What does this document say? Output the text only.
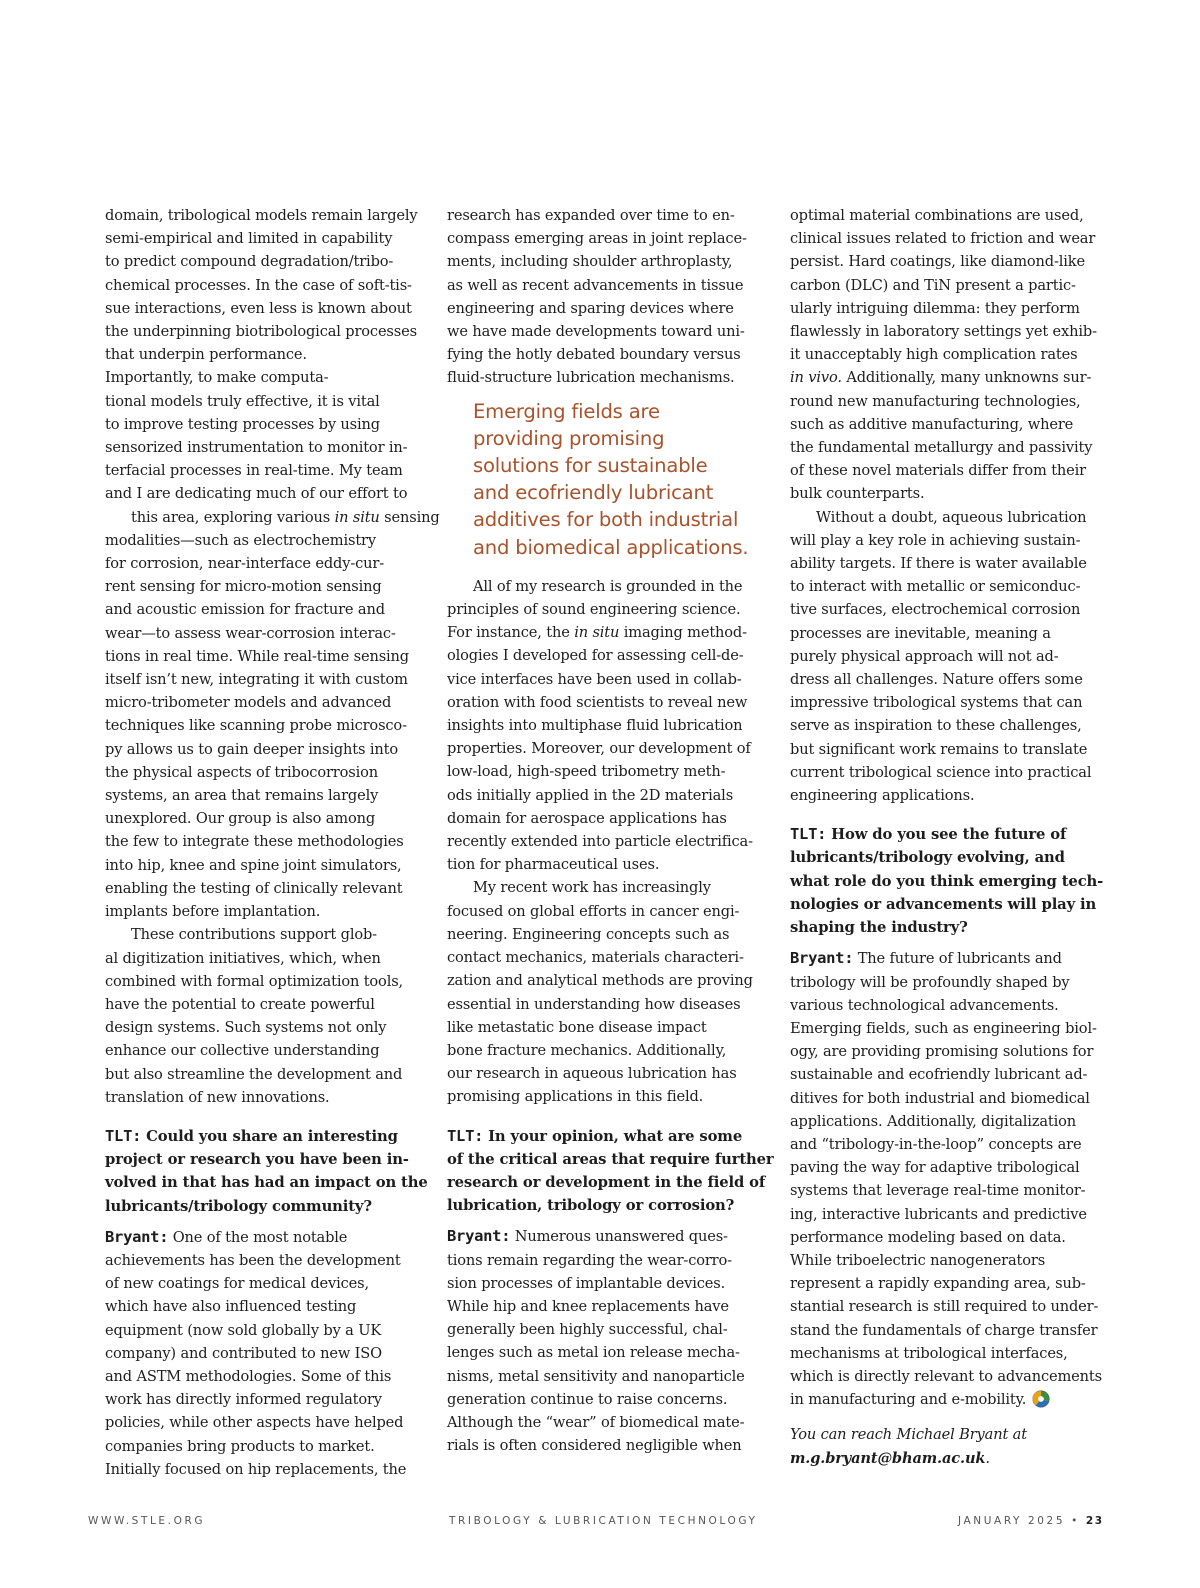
domain, tribological models remain largely
semi-empirical and limited in capability
to predict compound degradation/tribo-
chemical processes. In the case of soft-tis-
sue interactions, even less is known about
the underpinning biotribological processes
that underpin performance.

Importantly, to make computa-
tional models truly effective, it is vital
to improve testing processes by using
sensorized instrumentation to monitor in-
terfacial processes in real-time. My team
and I are dedicating much of our effort to
this area, exploring various in situ sensing
modalities—such as electrochemistry
for corrosion, near-interface eddy-cur-
rent sensing for micro-motion sensing
and acoustic emission for fracture and
wear—to assess wear-corrosion interac-
tions in real time. While real-time sensing
itself isn’t new, integrating it with custom
micro-tribometer models and advanced
techniques like scanning probe microsco-
py allows us to gain deeper insights into
the physical aspects of tribocorrosion
systems, an area that remains largely
unexplored. Our group is also among
the few to integrate these methodologies
into hip, knee and spine joint simulators,
enabling the testing of clinically relevant
implants before implantation.

These contributions support glob-
al digitization initiatives, which, when
combined with formal optimization tools,
have the potential to create powerful
design systems. Such systems not only
enhance our collective understanding
but also streamline the development and
translation of new innovations.

TLT: Could you share an interesting
project or research you have been in-
volved in that has had an impact on the
lubricants/tribology community?

Bryant: One of the most notable
achievements has been the development
of new coatings for medical devices,
which have also influenced testing
equipment (now sold globally by a UK
company) and contributed to new ISO
and ASTM methodologies. Some of this
work has directly informed regulatory
policies, while other aspects have helped
companies bring products to market.
Initially focused on hip replacements, the

research has expanded over time to en-
compass emerging areas in joint replace-
ments, including shoulder arthroplasty,
as well as recent advancements in tissue
engineering and sparing devices where
we have made developments toward uni-
fying the hotly debated boundary versus
fluid-structure lubrication mechanisms.

Emerging fields are
providing promising
solutions for sustainable
and ecofriendly lubricant
additives for both industrial
and biomedical applications.

All of my research is grounded in the
principles of sound engineering science.
For instance, the in situ imaging method-
ologies I developed for assessing cell-de-
vice interfaces have been used in collab-
oration with food scientists to reveal new
insights into multiphase fluid lubrication
properties. Moreover, our development of
low-load, high-speed tribometry meth-
ods initially applied in the 2D materials
domain for aerospace applications has
recently extended into particle electrifica-
tion for pharmaceutical uses.

My recent work has increasingly
focused on global efforts in cancer engi-
neering. Engineering concepts such as
contact mechanics, materials characteri-
zation and analytical methods are proving
essential in understanding how diseases
like metastatic bone disease impact
bone fracture mechanics. Additionally,
our research in aqueous lubrication has
promising applications in this field.

TLT: In your opinion, what are some
of the critical areas that require further
research or development in the field of
lubrication, tribology or corrosion?

Bryant: Numerous unanswered ques-
tions remain regarding the wear-corro-
sion processes of implantable devices.
While hip and knee replacements have
generally been highly successful, chal-
lenges such as metal ion release mecha-
nisms, metal sensitivity and nanoparticle
generation continue to raise concerns.
Although the “wear” of biomedical mate-
rials is often considered negligible when

optimal material combinations are used,
clinical issues related to friction and wear
persist. Hard coatings, like diamond-like
carbon (DLC) and TiN present a partic-
ularly intriguing dilemma: they perform
flawlessly in laboratory settings yet exhib-
it unacceptably high complication rates
in vivo. Additionally, many unknowns sur-
round new manufacturing technologies,
such as additive manufacturing, where
the fundamental metallurgy and passivity
of these novel materials differ from their
bulk counterparts.

Without a doubt, aqueous lubrication
will play a key role in achieving sustain-
ability targets. If there is water available
to interact with metallic or semiconduc-
tive surfaces, electrochemical corrosion
processes are inevitable, meaning a
purely physical approach will not ad-
dress all challenges. Nature offers some
impressive tribological systems that can
serve as inspiration to these challenges,
but significant work remains to translate
current tribological science into practical
engineering applications.

TLT: How do you see the future of
lubricants/tribology evolving, and
what role do you think emerging tech-
nologies or advancements will play in
shaping the industry?

Bryant: The future of lubricants and
tribology will be profoundly shaped by
various technological advancements.
Emerging fields, such as engineering biol-
ogy, are providing promising solutions for
sustainable and ecofriendly lubricant ad-
ditives for both industrial and biomedical
applications. Additionally, digitalization
and “tribology-in-the-loop” concepts are
paving the way for adaptive tribological
systems that leverage real-time monitor-
ing, interactive lubricants and predictive
performance modeling based on data.

While triboelectric nanogenerators
represent a rapidly expanding area, sub-
stantial research is still required to under-
stand the fundamentals of charge transfer
mechanisms at tribological interfaces,
which is directly relevant to advancements
in manufacturing and e-mobility.

You can reach Michael Bryant at
m.g.bryant@bham.ac.uk.

WWW.STLE.ORG	TRIBOLOGY & LUBRICATION TECHNOLOGY	JANUARY 2025 • 23
